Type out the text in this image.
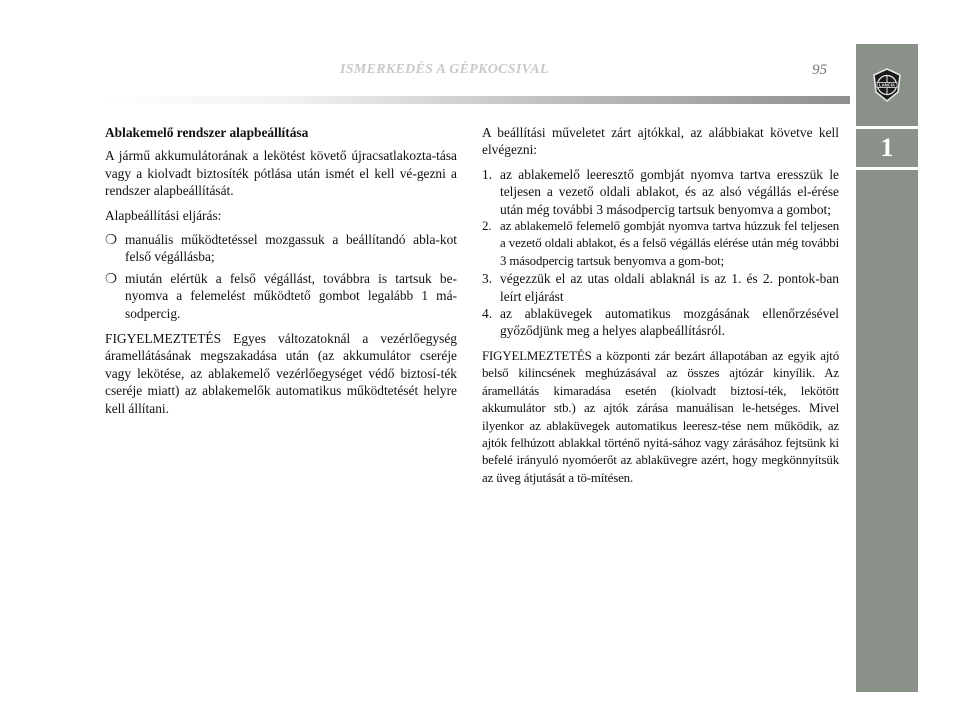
ISMERKEDÉS A GÉPKOCSIVAL	95
LANCIA
1

Ablakemelő rendszer alapbeállítása

A jármű akkumulátorának a lekötést követő újracsatlakozta-tása vagy a kiolvadt biztosíték pótlása után ismét el kell vé-gezni a rendszer alapbeállítását.

Alapbeállítási eljárás:

❍ manuális működtetéssel mozgassuk a beállítandó abla-kot felső végállásba;
❍ miután elértük a felső végállást, továbbra is tartsuk be-nyomva a felemelést működtető gombot legalább 1 má-sodpercig.

FIGYELMEZTETÉS Egyes változatoknál a vezérlőegység áramellátásának megszakadása után (az akkumulátor cseréje vagy lekötése, az ablakemelő vezérlőegységet védő biztosí-ték cseréje miatt) az ablakemelők automatikus működtetését helyre kell állítani.

A beállítási műveletet zárt ajtókkal, az alábbiakat követve kell elvégezni:

1. az ablakemelő leeresztő gombját nyomva tartva eresszük le teljesen a vezető oldali ablakot, és az alsó végállás el-érése után még további 3 másodpercig tartsuk benyomva a gombot;
2. az ablakemelő felemelő gombját nyomva tartva húzzuk fel teljesen a vezető oldali ablakot, és a felső végállás elérése után még további 3 másodpercig tartsuk benyomva a gom-bot;
3. végezzük el az utas oldali ablaknál is az 1. és 2. pontok-ban leírt eljárást
4. az ablaküvegek automatikus mozgásának ellenőrzésével győződjünk meg a helyes alapbeállításról.

FIGYELMEZTETÉS a központi zár bezárt állapotában az egyik ajtó belső kilincsének meghúzásával az összes ajtózár kinyílik. Az áramellátás kimaradása esetén (kiolvadt biztosí-ték, lekötött akkumulátor stb.) az ajtók zárása manuálisan le-hetséges. Mivel ilyenkor az ablaküvegek automatikus leeresz-tése nem működik, az ajtók felhúzott ablakkal történő nyitá-sához vagy zárásához fejtsünk ki befelé irányuló nyomóerőt az ablaküvegre azért, hogy megkönnyítsük az üveg átjutását a tö-mítésen.
